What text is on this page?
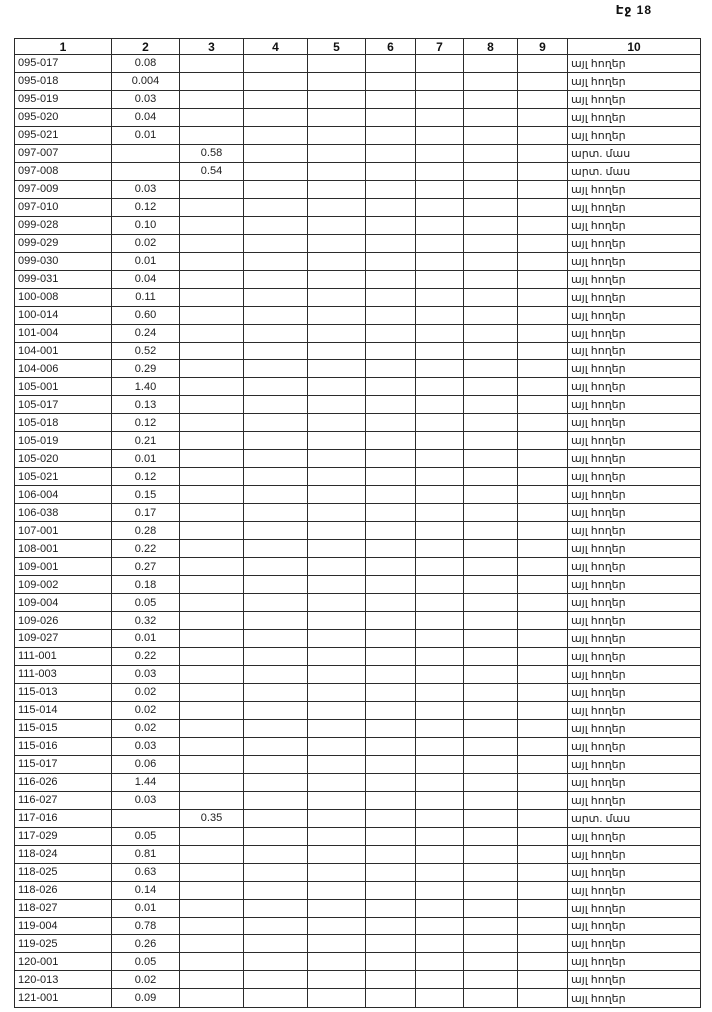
Էջ 18
1	2	3	4	5	6	7	8	9	10
095-017	0.08								այլ հողեր
095-018	0.004								այլ հողեր
095-019	0.03								այլ հողեր
095-020	0.04								այլ հողեր
095-021	0.01								այլ հողեր
097-007		0.58							արտ. մաս
097-008		0.54							արտ. մաս
097-009	0.03								այլ հողեր
097-010	0.12								այլ հողեր
099-028	0.10								այլ հողեր
099-029	0.02								այլ հողեր
099-030	0.01								այլ հողեր
099-031	0.04								այլ հողեր
100-008	0.11								այլ հողեր
100-014	0.60								այլ հողեր
101-004	0.24								այլ հողեր
104-001	0.52								այլ հողեր
104-006	0.29								այլ հողեր
105-001	1.40								այլ հողեր
105-017	0.13								այլ հողեր
105-018	0.12								այլ հողեր
105-019	0.21								այլ հողեր
105-020	0.01								այլ հողեր
105-021	0.12								այլ հողեր
106-004	0.15								այլ հողեր
106-038	0.17								այլ հողեր
107-001	0.28								այլ հողեր
108-001	0.22								այլ հողեր
109-001	0.27								այլ հողեր
109-002	0.18								այլ հողեր
109-004	0.05								այլ հողեր
109-026	0.32								այլ հողեր
109-027	0.01								այլ հողեր
111-001	0.22								այլ հողեր
111-003	0.03								այլ հողեր
115-013	0.02								այլ հողեր
115-014	0.02								այլ հողեր
115-015	0.02								այլ հողեր
115-016	0.03								այլ հողեր
115-017	0.06								այլ հողեր
116-026	1.44								այլ հողեր
116-027	0.03								այլ հողեր
117-016		0.35							արտ. մաս
117-029	0.05								այլ հողեր
118-024	0.81								այլ հողեր
118-025	0.63								այլ հողեր
118-026	0.14								այլ հողեր
118-027	0.01								այլ հողեր
119-004	0.78								այլ հողեր
119-025	0.26								այլ հողեր
120-001	0.05								այլ հողեր
120-013	0.02								այլ հողեր
121-001	0.09								այլ հողեր
